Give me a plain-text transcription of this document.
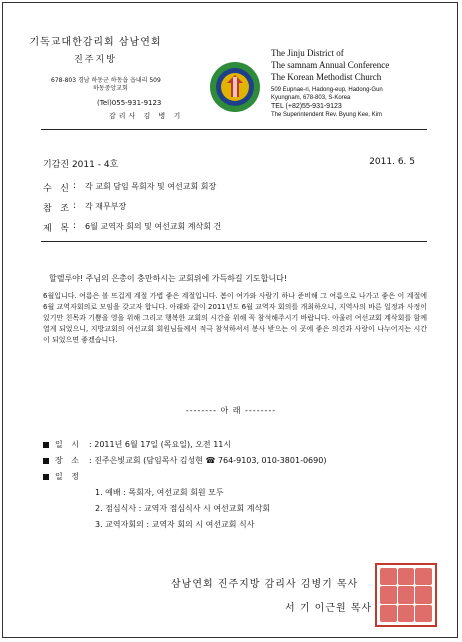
기독교대한감리회 삼남연회
진주지방
678-803 경남 하동군 하동읍 읍내리 509
하동중앙교회
(Tel)055-931-9123
감리사 김 병 기
The Jinju District of
The samnam Annual Conference
The Korean Methodist Church
509 Eupnae-ri, Hadong-eup, Hadong-Gun
Kyungnam, 678-803, S-Korea
TEL (+82)55-931-9123
The Superintendent Rev. Byung Kee, Kim
기감진 2011 - 4호	2011. 6. 5
수 신 :	각 교회 담임 목회자 및 여선교회 회장
참 조 :	각 재무부장
제 목 :	6월 교역자 회의 및 여선교회 계삭회 건
할렐루야! 주님의 은총이 충만하시는 교회위에 가득하길 기도합니다!
6월입니다. 여름은 볼 뜨겁게 계절 가볍 좋은 계절입니다. 봄이 여가와 사람기 하나 준비해 그 여름으로 나가고 좋은 이 계절에 6월 교역자회의로 모임을 갖고자 합니다. 아래와 같이 2011년도 6월 교역자 회의를 개최하오니, 지역사의 바른 일정과 사정이 있기만 친목과 기쁨을 영을 위해 그리고 행복한 교회의 시간을 위해 꼭 참석해주시기 바랍니다. 아울러 여선교회 계삭회를 함께 열게 되었으니, 지방교회의 여선교회 회원님들께서 적극 참석하셔서 봉사 받으는 이 곳에 좋은 의견과 사랑이 나누어지는 시간이 되었으면 좋겠습니다.
-------- 아 래 --------
일 시 : 2011년 6월 17일 (목요일), 오전 11시
장 소 : 진주은빛교회 (담임목사 김성현 ☎ 764-9103, 010-3801-0690)
일 정
1. 예배 : 목회자, 여선교회 회원 모두
2. 점심식사 : 교역자 점심식사 시 여선교회 계삭회
3. 교역자회의 : 교역자 회의 시 여선교회 식사
삼남연회 진주지방 감리사 김병기 목사
서 기 이근원 목사
